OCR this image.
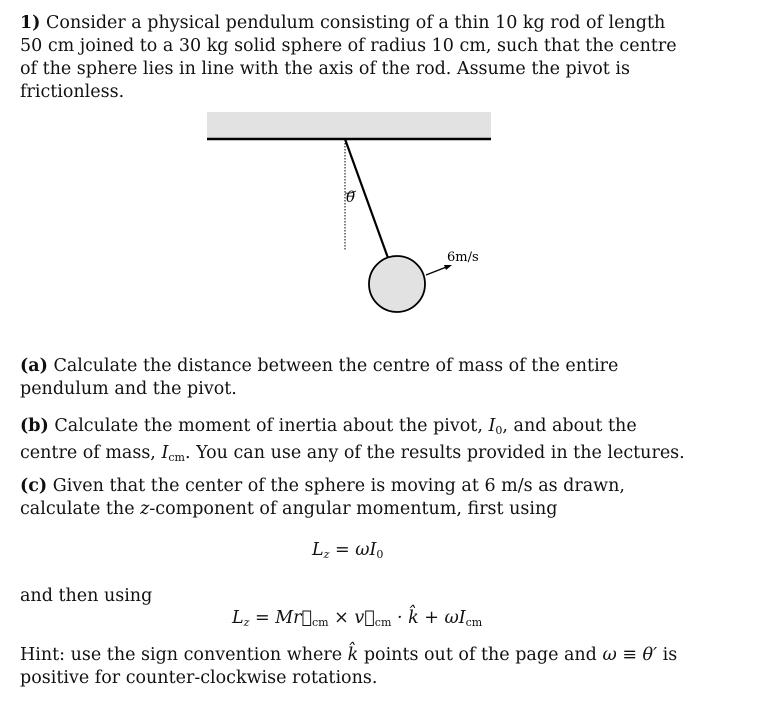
1) Consider a physical pendulum consisting of a thin 10 kg rod of length 50 cm joined to a 30 kg solid sphere of radius 10 cm, such that the centre of the sphere lies in line with the axis of the rod. Assume the pivot is frictionless.

θ
6m/s

(a) Calculate the distance between the centre of mass of the entire pendulum and the pivot.

(b) Calculate the moment of inertia about the pivot, $I_0$, and about the centre of mass, $I_{cm}$. You can use any of the results provided in the lectures.

(c) Given that the center of the sphere is moving at 6 m/s as drawn, calculate the z-component of angular momentum, first using

$L_z = \omega I_0$

and then using

$L_z$ = $Mr⃗_{cm}$ × $v⃗_{cm}$ · k̂ + $\omega I_{cm}$

Hint: use the sign convention where k̂ points out of the page and ω ≡ θ′ is positive for counter-clockwise rotations.
